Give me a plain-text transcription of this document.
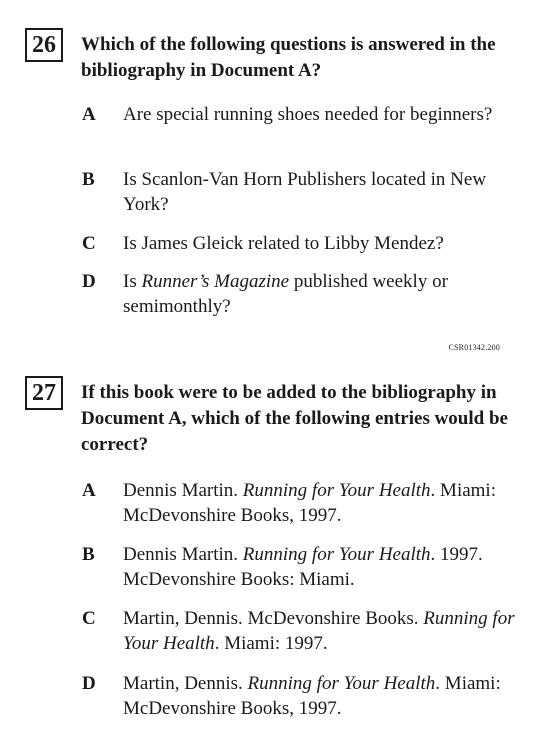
26	Which of the following questions is answered in the bibliography in Document A?
A Are special running shoes needed for beginners?
B Is Scanlon-Van Horn Publishers located in New York?
C Is James Gleick related to Libby Mendez?
D Is Runner’s Magazine published weekly or semimonthly?
CSR01342.200
27	If this book were to be added to the bibliography in Document A, which of the following entries would be correct?
A Dennis Martin. Running for Your Health. Miami: McDevonshire Books, 1997.
B Dennis Martin. Running for Your Health. 1997. McDevonshire Books: Miami.
C Martin, Dennis. McDevonshire Books. Running for Your Health. Miami: 1997.
D Martin, Dennis. Running for Your Health. Miami: McDevonshire Books, 1997.
